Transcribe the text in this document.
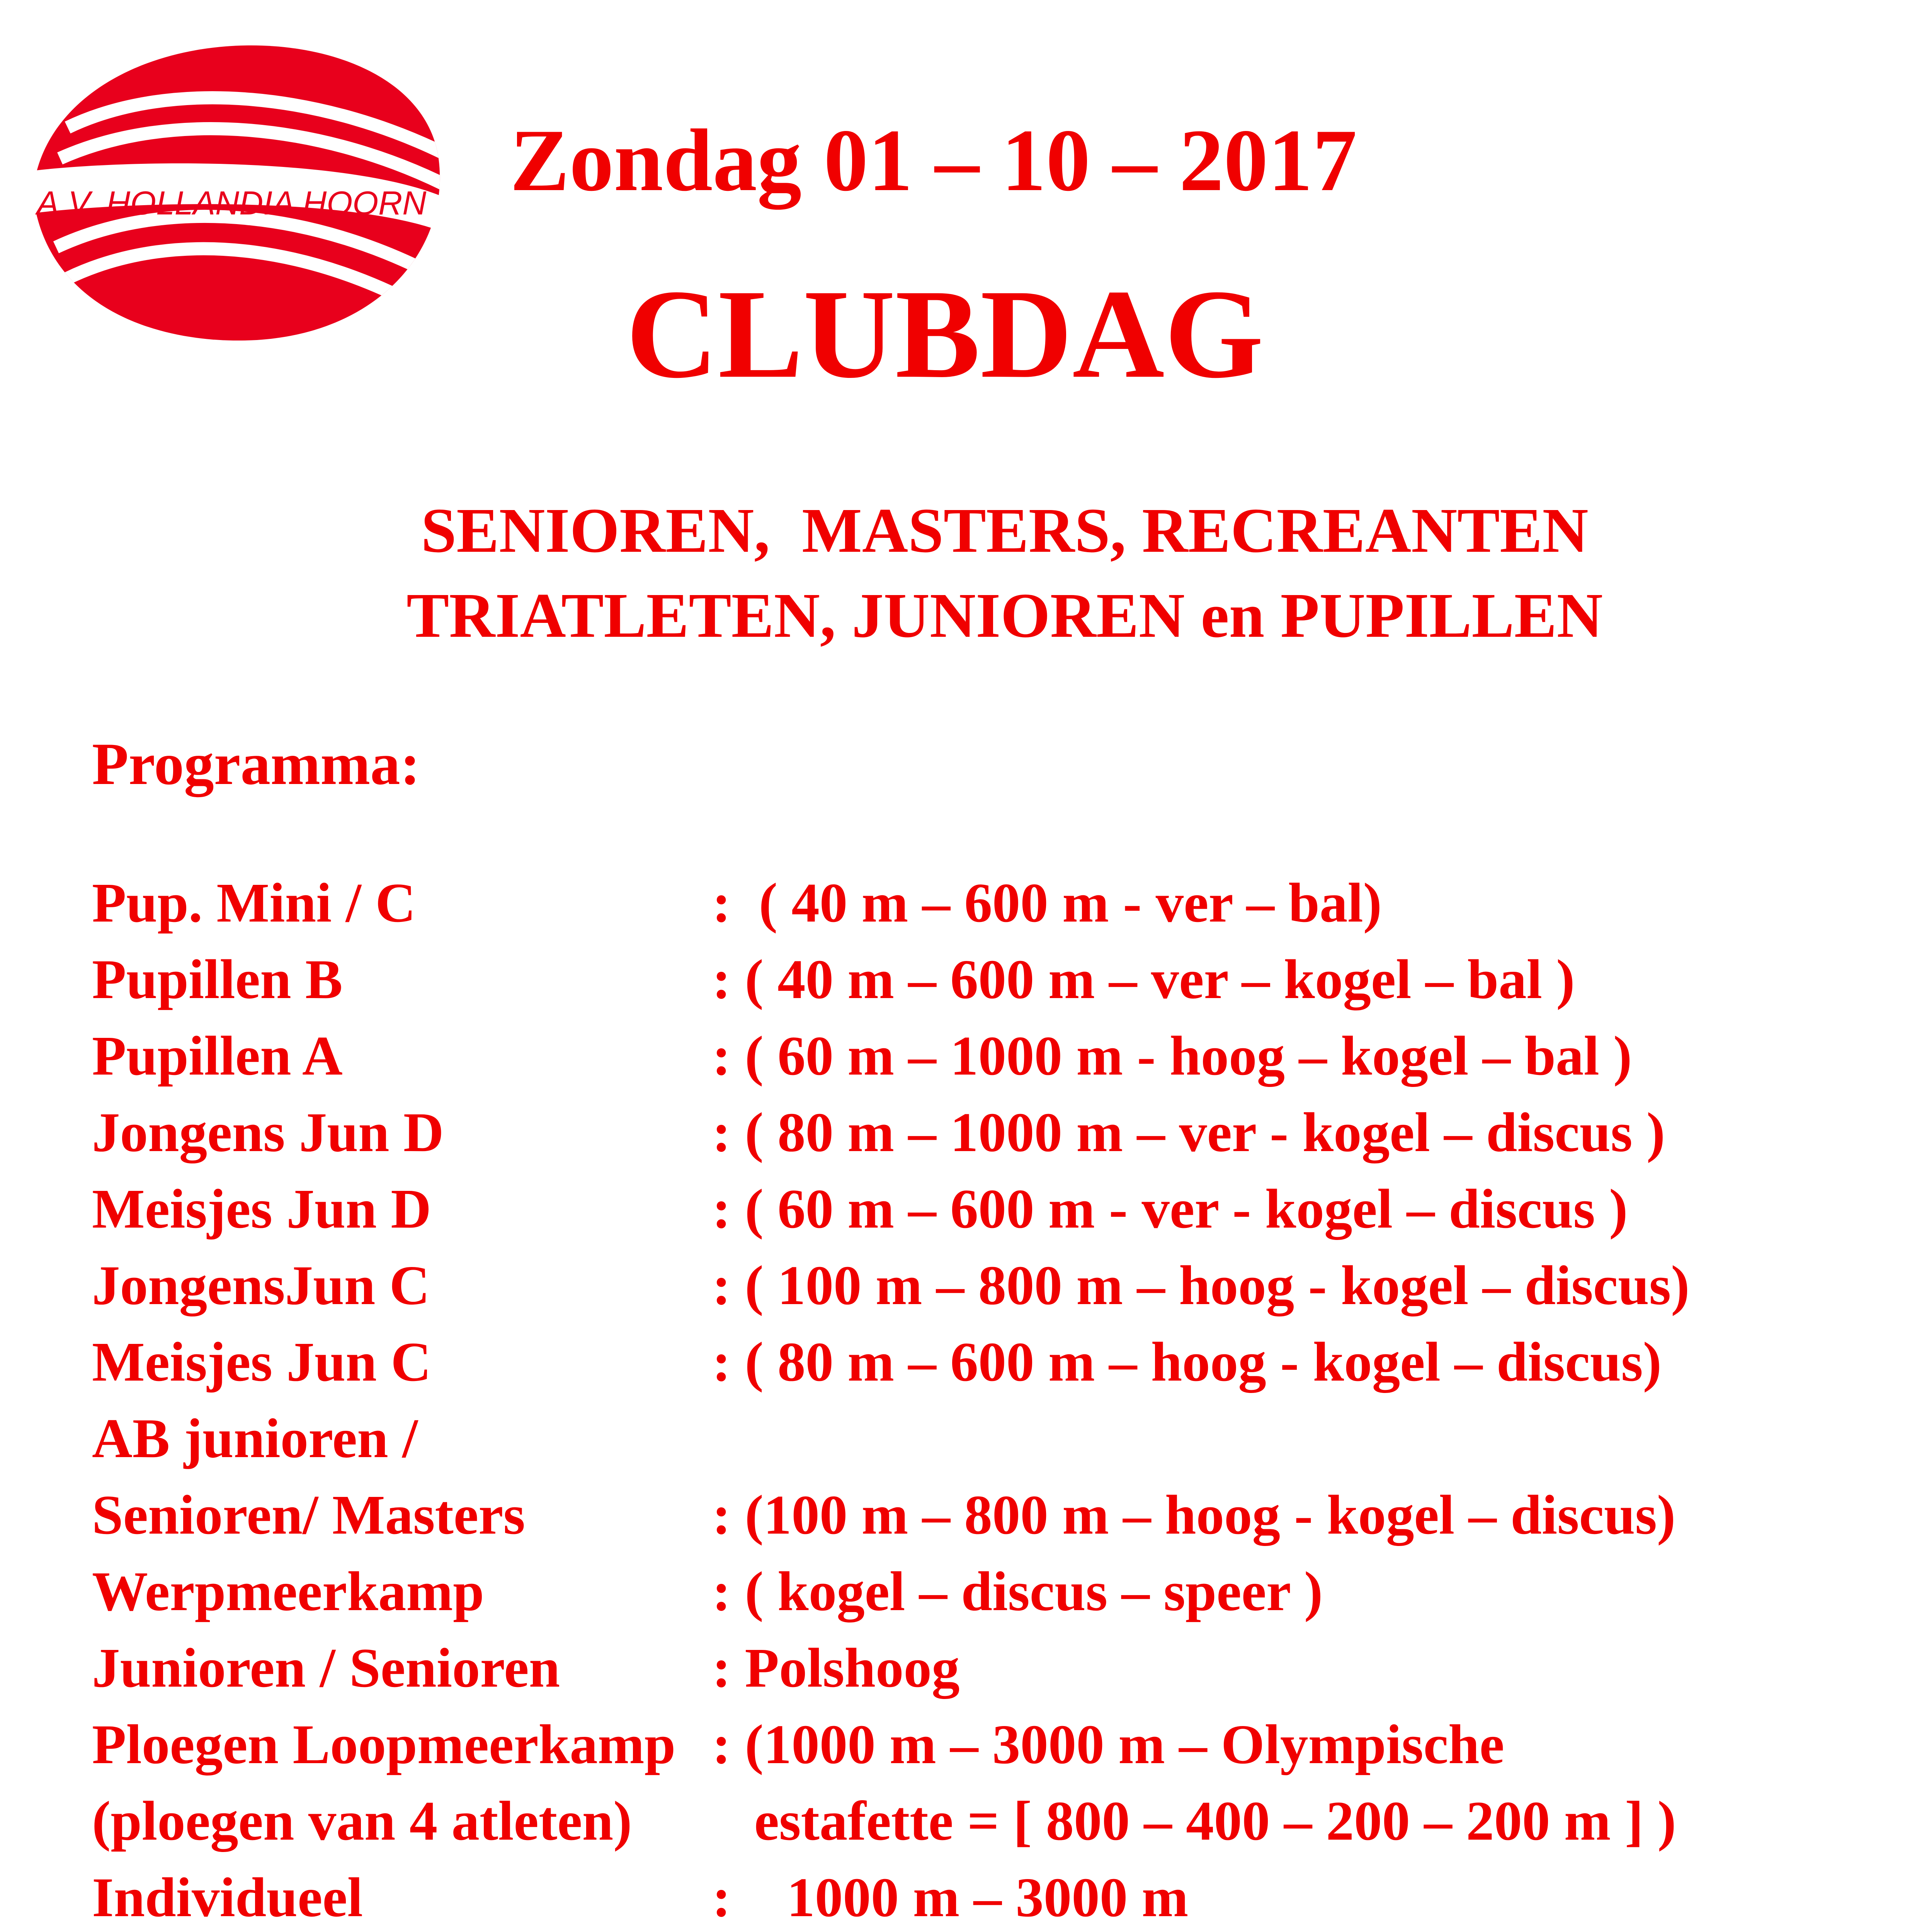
A.V. HOLLANDIA HOORN Zondag 01 – 10 – 2017
CLUBDAG
SENIOREN,  MASTERS, RECREANTEN
TRIATLETEN, JUNIOREN en PUPILLEN
Programma:
Pup. Mini / C	:  ( 40 m – 600 m - ver – bal)
Pupillen B	: ( 40 m – 600 m – ver – kogel – bal )
Pupillen A	: ( 60 m – 1000 m - hoog – kogel – bal )
Jongens Jun D	: ( 80 m – 1000 m – ver - kogel – discus )
Meisjes Jun D	: ( 60 m – 600 m - ver - kogel – discus )
JongensJun C	: ( 100 m – 800 m – hoog - kogel – discus)
Meisjes Jun C	: ( 80 m – 600 m – hoog - kogel – discus)
AB junioren /
Senioren/ Masters	: (100 m – 800 m – hoog - kogel – discus)
Werpmeerkamp	: ( kogel – discus – speer )
Junioren / Senioren	: Polshoog
Ploegen Loopmeerkamp : (1000 m – 3000 m – Olympische
(ploegen van 4 atleten) estafette = [ 800 – 400 – 200 – 200 m ] )
Individueel	:    1000 m – 3000 m
